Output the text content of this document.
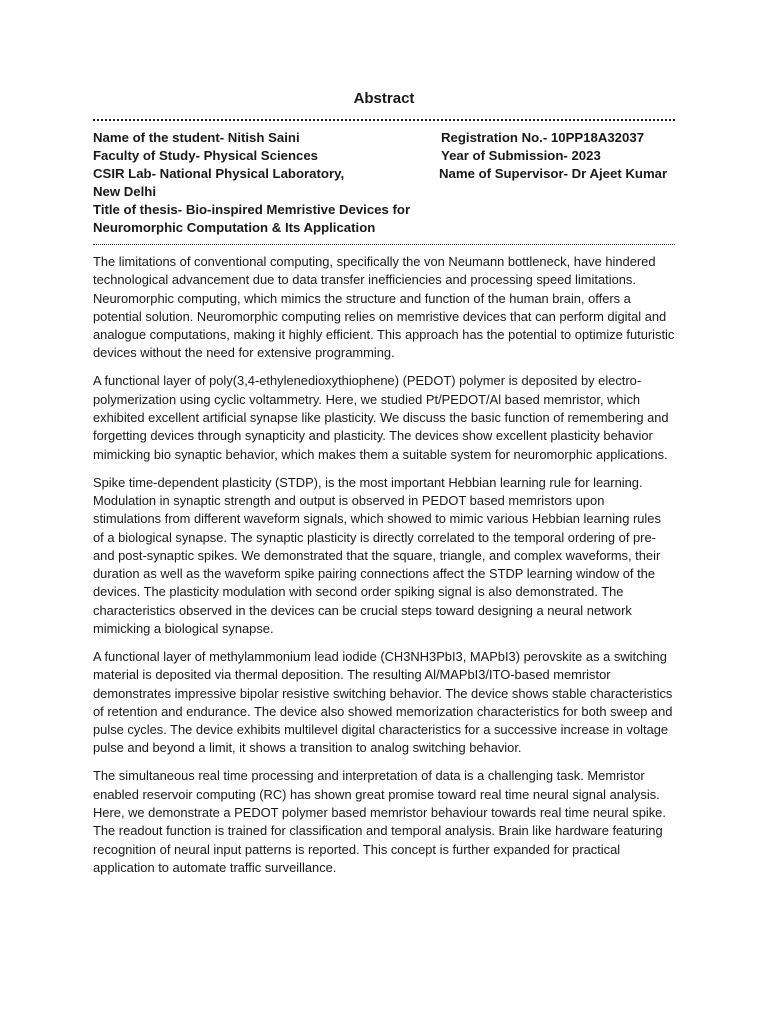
Abstract
Name of the student- Nitish Saini	Registration No.- 10PP18A32037
Faculty of Study- Physical Sciences	Year of Submission- 2023
CSIR Lab- National Physical Laboratory,	Name of Supervisor- Dr Ajeet Kumar
New Delhi
Title of thesis- Bio-inspired Memristive Devices for
Neuromorphic Computation & Its Application

The limitations of conventional computing, specifically the von Neumann bottleneck, have hindered technological advancement due to data transfer inefficiencies and processing speed limitations. Neuromorphic computing, which mimics the structure and function of the human brain, offers a potential solution. Neuromorphic computing relies on memristive devices that can perform digital and analogue computations, making it highly efficient. This approach has the potential to optimize futuristic devices without the need for extensive programming.

A functional layer of poly(3,4-ethylenedioxythiophene) (PEDOT) polymer is deposited by electro-polymerization using cyclic voltammetry. Here, we studied Pt/PEDOT/Al based memristor, which exhibited excellent artificial synapse like plasticity. We discuss the basic function of remembering and forgetting devices through synapticity and plasticity. The devices show excellent plasticity behavior mimicking bio synaptic behavior, which makes them a suitable system for neuromorphic applications.

Spike time-dependent plasticity (STDP), is the most important Hebbian learning rule for learning. Modulation in synaptic strength and output is observed in PEDOT based memristors upon stimulations from different waveform signals, which showed to mimic various Hebbian learning rules of a biological synapse. The synaptic plasticity is directly correlated to the temporal ordering of pre-and post-synaptic spikes. We demonstrated that the square, triangle, and complex waveforms, their duration as well as the waveform spike pairing connections affect the STDP learning window of the devices. The plasticity modulation with second order spiking signal is also demonstrated. The characteristics observed in the devices can be crucial steps toward designing a neural network mimicking a biological synapse.

A functional layer of methylammonium lead iodide (CH3NH3PbI3, MAPbI3) perovskite as a switching material is deposited via thermal deposition. The resulting Al/MAPbI3/ITO-based memristor demonstrates impressive bipolar resistive switching behavior. The device shows stable characteristics of retention and endurance. The device also showed memorization characteristics for both sweep and pulse cycles. The device exhibits multilevel digital characteristics for a successive increase in voltage pulse and beyond a limit, it shows a transition to analog switching behavior.

The simultaneous real time processing and interpretation of data is a challenging task. Memristor enabled reservoir computing (RC) has shown great promise toward real time neural signal analysis. Here, we demonstrate a PEDOT polymer based memristor behaviour towards real time neural spike. The readout function is trained for classification and temporal analysis. Brain like hardware featuring recognition of neural input patterns is reported. This concept is further expanded for practical application to automate traffic surveillance.
